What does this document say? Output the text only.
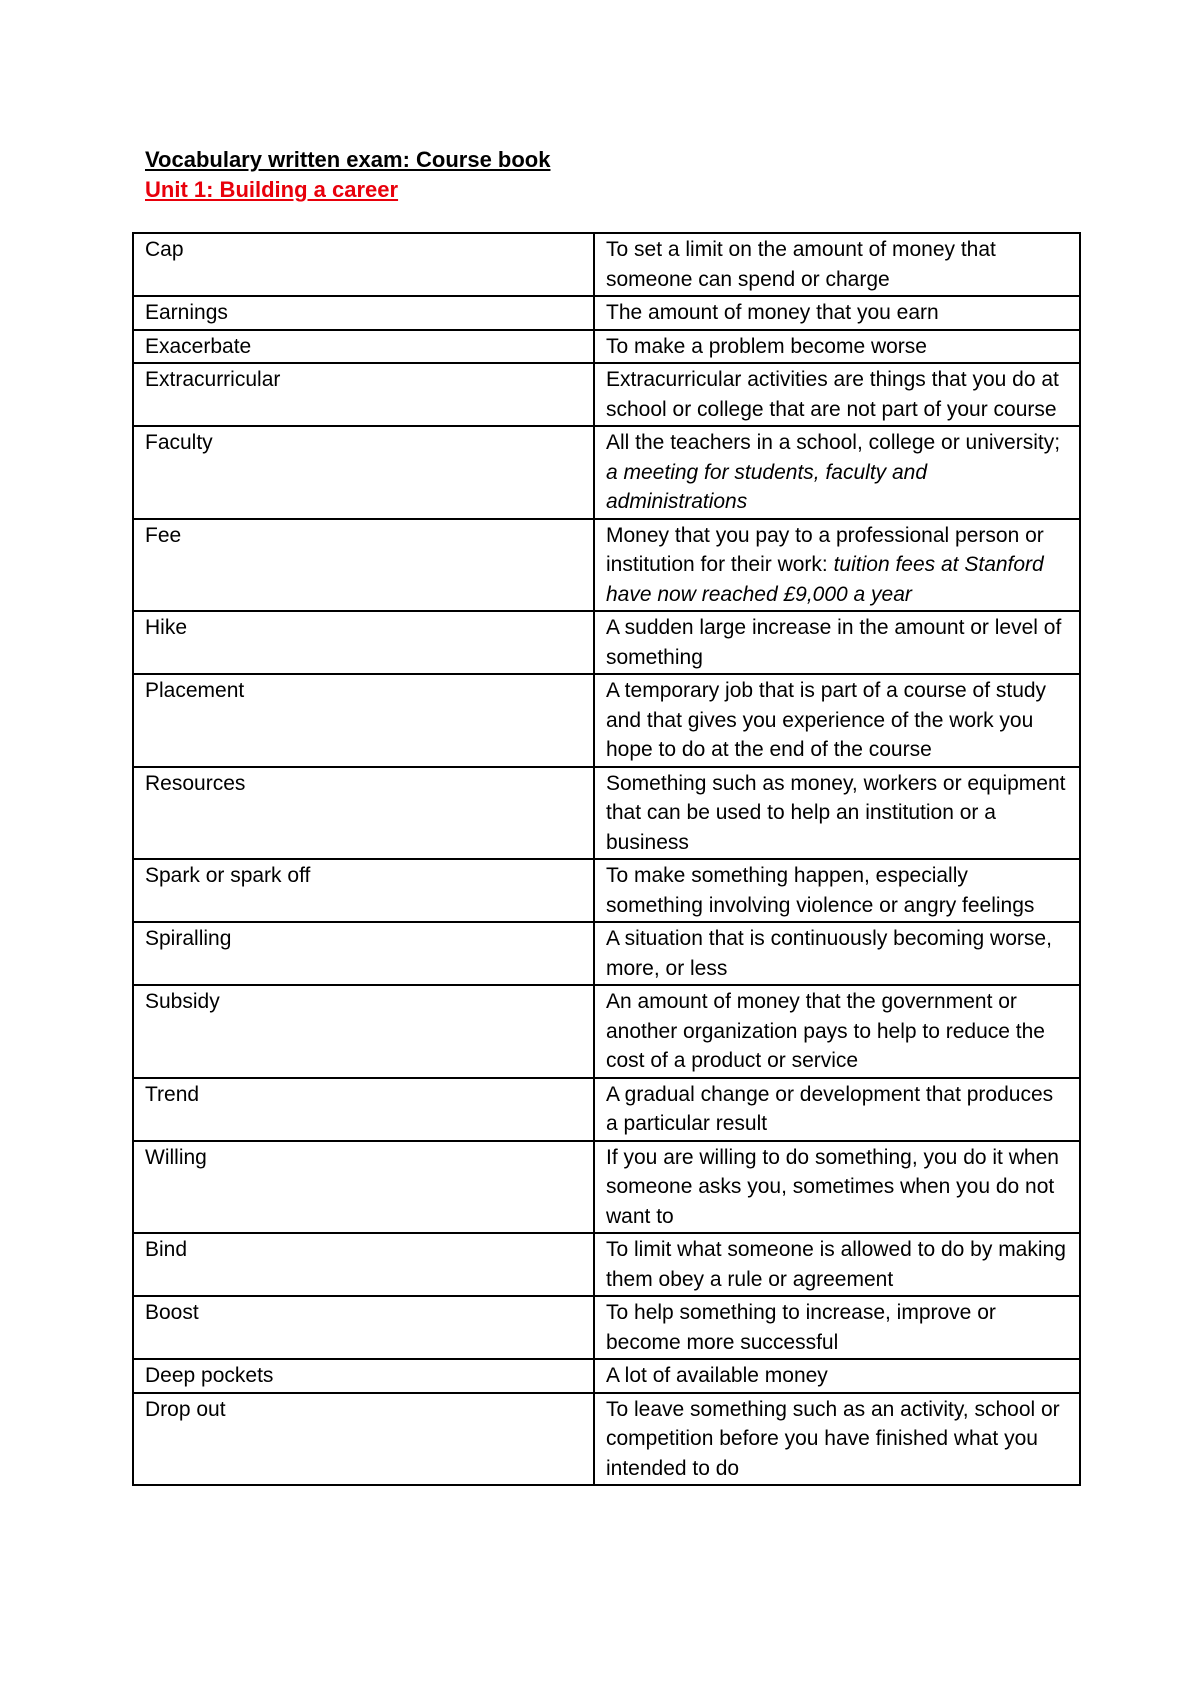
Vocabulary written exam: Course book
Unit 1: Building a career
Cap	To set a limit on the amount of money that someone can spend or charge
Earnings	The amount of money that you earn
Exacerbate	To make a problem become worse
Extracurricular	Extracurricular activities are things that you do at school or college that are not part of your course
Faculty	All the teachers in a school, college or university; a meeting for students, faculty and administrations
Fee	Money that you pay to a professional person or institution for their work: tuition fees at Stanford have now reached £9,000 a year
Hike	A sudden large increase in the amount or level of something
Placement	A temporary job that is part of a course of study and that gives you experience of the work you hope to do at the end of the course
Resources	Something such as money, workers or equipment that can be used to help an institution or a business
Spark or spark off	To make something happen, especially something involving violence or angry feelings
Spiralling	A situation that is continuously becoming worse, more, or less
Subsidy	An amount of money that the government or another organization pays to help to reduce the cost of a product or service
Trend	A gradual change or development that produces a particular result
Willing	If you are willing to do something, you do it when someone asks you, sometimes when you do not want to
Bind	To limit what someone is allowed to do by making them obey a rule or agreement
Boost	To help something to increase, improve or become more successful
Deep pockets	A lot of available money
Drop out	To leave something such as an activity, school or competition before you have finished what you intended to do
